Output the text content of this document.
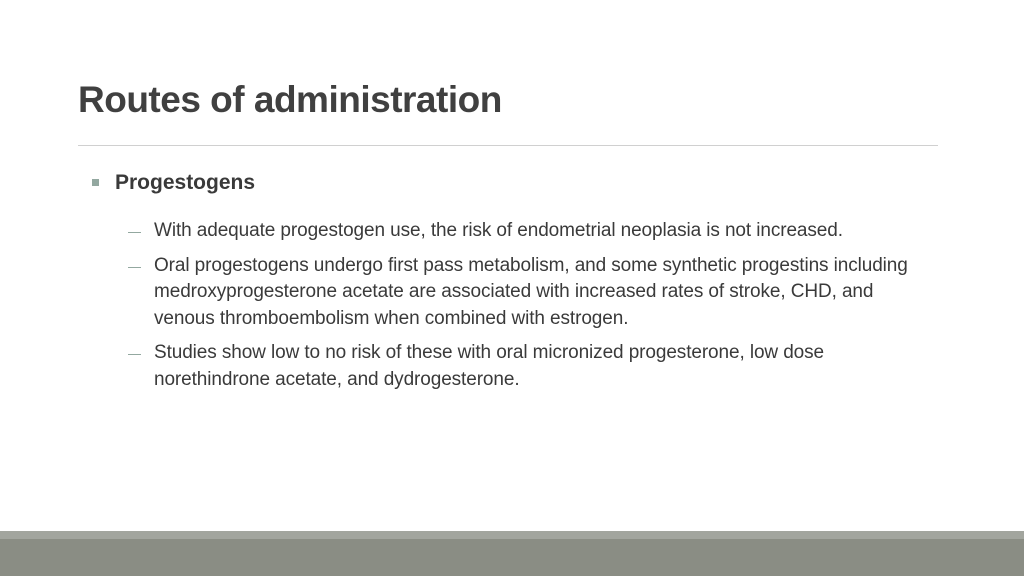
Routes of administration
Progestogens
With adequate progestogen use, the risk of endometrial neoplasia is not increased.
Oral progestogens undergo first pass metabolism, and some synthetic progestins including medroxyprogesterone acetate are associated with increased rates of stroke, CHD, and venous thromboembolism when combined with estrogen.
Studies show low to no risk of these with oral micronized progesterone, low dose norethindrone acetate, and dydrogesterone.
